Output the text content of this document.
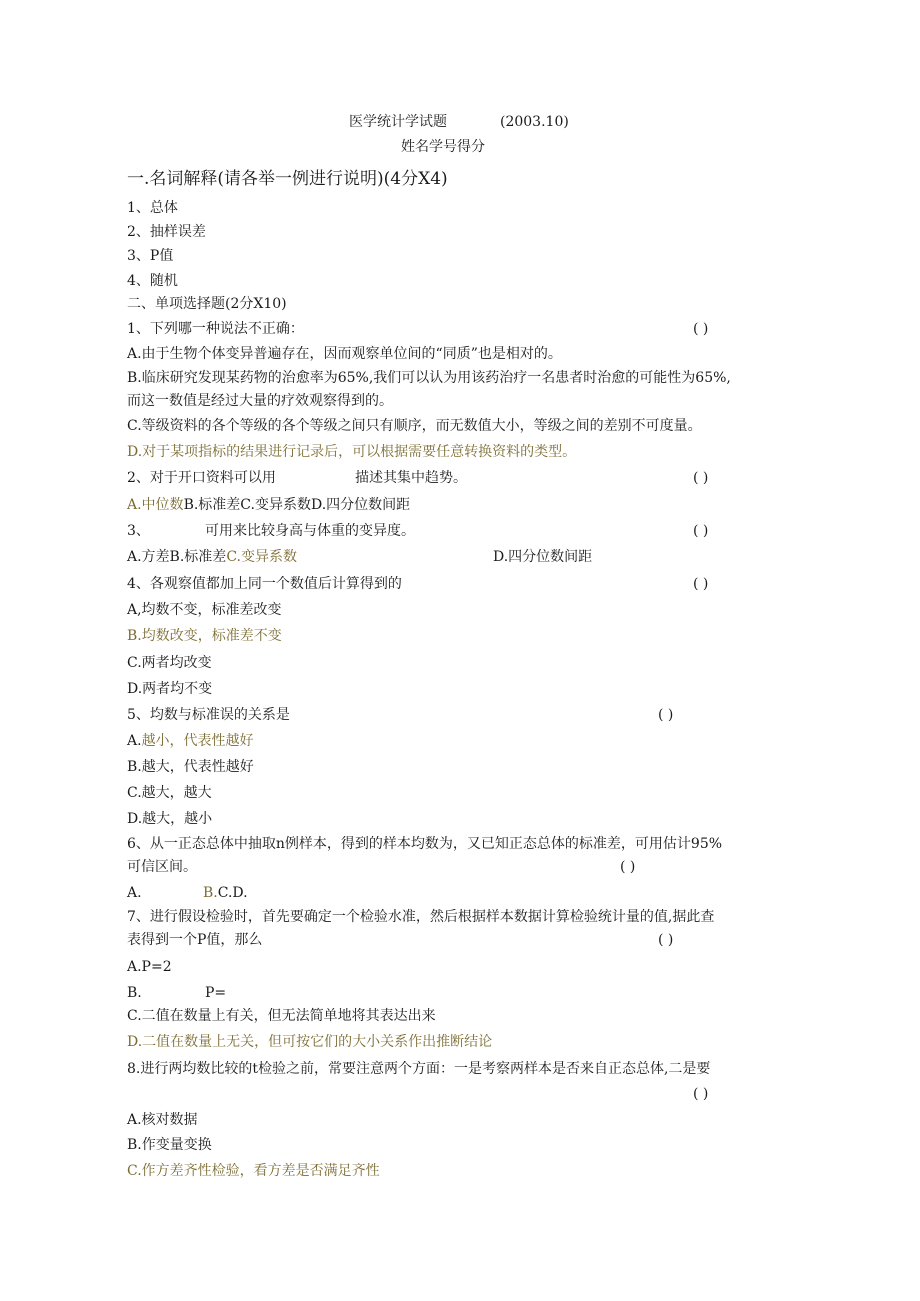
医学统计学试题	(2003.10)
姓名学号得分
一.名词解释(请各举一例进行说明)(4分X4)
1、总体
2、抽样误差
3、P值
4、随机
二、单项选择题(2分X10)
1、下列哪一种说法不正确：	( )
A.由于生物个体变异普遍存在，因而观察单位间的“同质”也是相对的。
B.临床研究发现某药物的治愈率为65%,我们可以认为用该药治疗一名患者时治愈的可能性为65%,
而这一数值是经过大量的疗效观察得到的。
C.等级资料的各个等级的各个等级之间只有顺序，而无数值大小，等级之间的差别不可度量。
D.对于某项指标的结果进行记录后，可以根据需要任意转换资料的类型。
2、对于开口资料可以用	描述其集中趋势。	( )
A.中位数B.标准差C.变异系数D.四分位数间距
3、	可用来比较身高与体重的变异度。	( )
A.方差B.标准差C.变异系数	D.四分位数间距
4、各观察值都加上同一个数值后计算得到的	( )
A,均数不变，标准差改变
B.均数改变，标准差不变
C.两者均改变
D.两者均不变
5、均数与标准误的关系是	( )
A.越小，代表性越好
B.越大，代表性越好
C.越大，越大
D.越大，越小
6、从一正态总体中抽取n例样本，得到的样本均数为，又已知正态总体的标准差，可用估计95%
可信区间。	( )
A.	B.C.D.
7、进行假设检验时，首先要确定一个检验水准，然后根据样本数据计算检验统计量的值,据此查
表得到一个P值，那么	( )
A.P=2
B.	P=
C.二值在数量上有关，但无法简单地将其表达出来
D.二值在数量上无关，但可按它们的大小关系作出推断结论
8.进行两均数比较的t检验之前，常要注意两个方面：一是考察两样本是否来自正态总体,二是要
( )
A.核对数据
B.作变量变换
C.作方差齐性检验，看方差是否满足齐性
